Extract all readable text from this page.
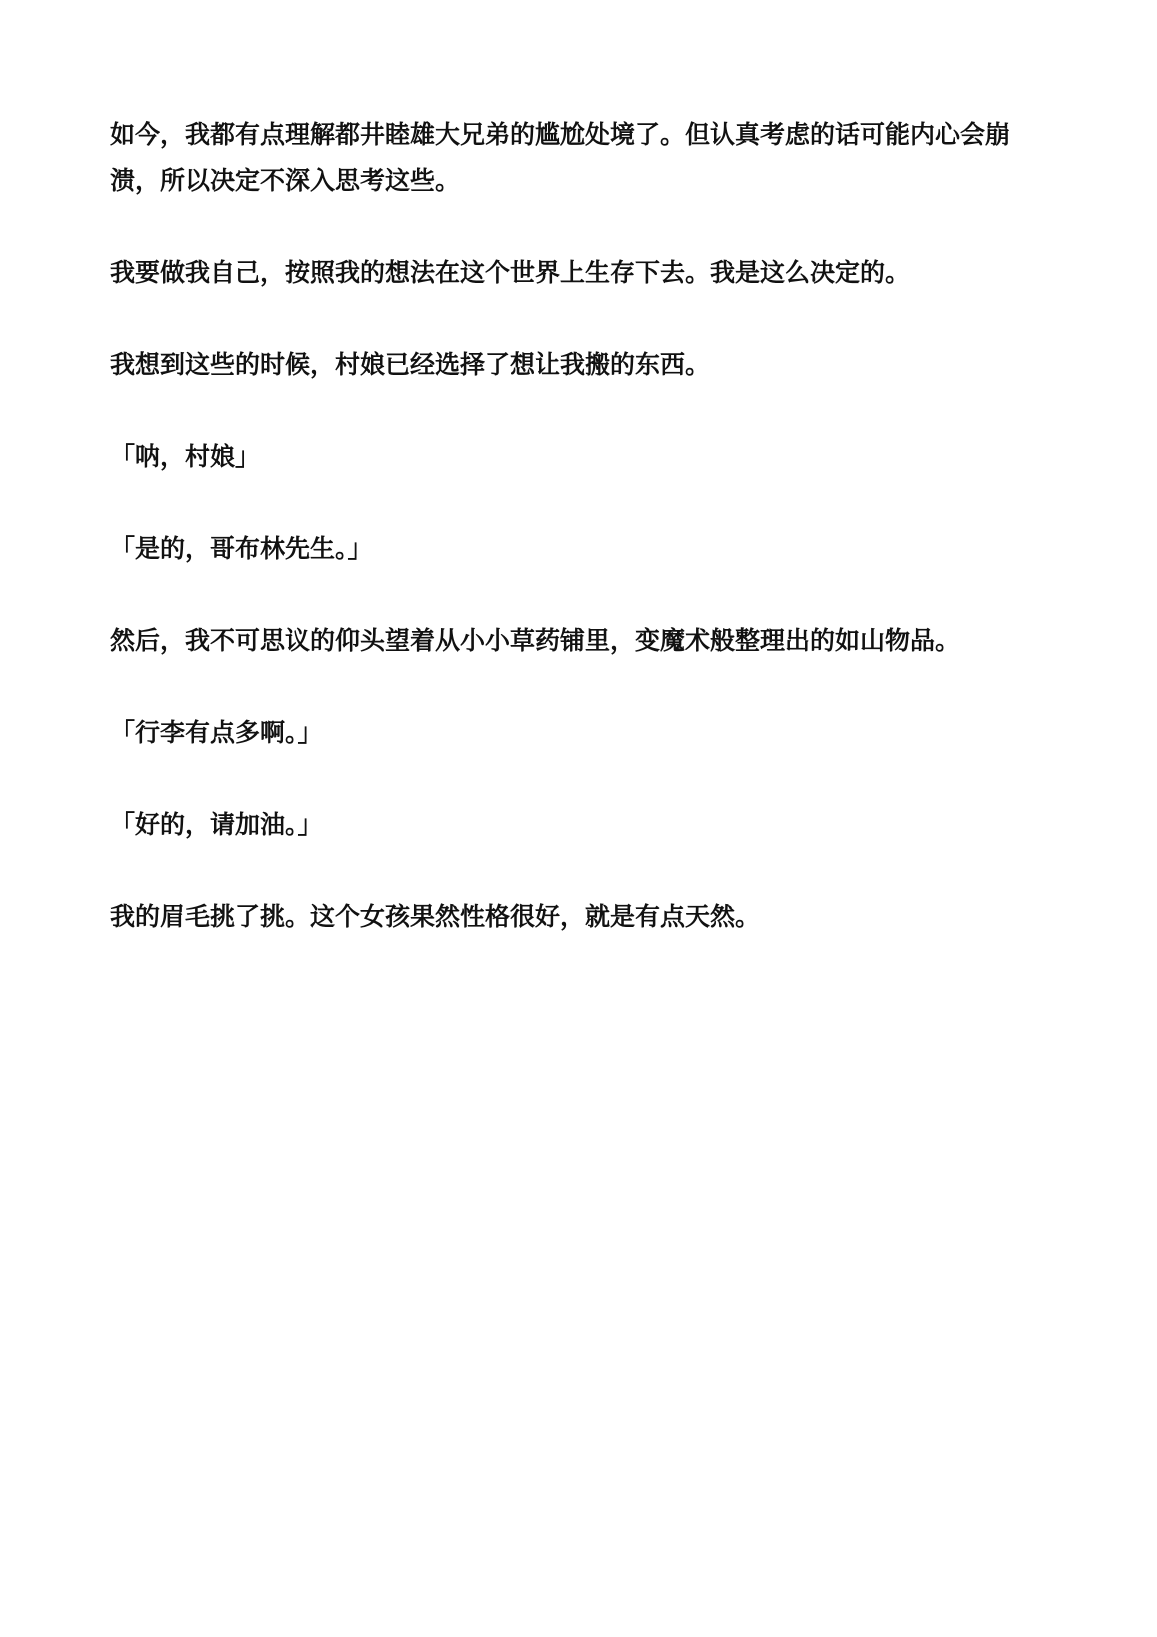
如今，我都有点理解都井睦雄大兄弟的尴尬处境了。但认真考虑的话可能内心会崩溃，所以决定不深入思考这些。

我要做我自己，按照我的想法在这个世界上生存下去。我是这么决定的。

我想到这些的时候，村娘已经选择了想让我搬的东西。

「呐，村娘」

「是的，哥布林先生。」

然后，我不可思议的仰头望着从小小草药铺里，变魔术般整理出的如山物品。

「行李有点多啊。」

「好的，请加油。」

我的眉毛挑了挑。这个女孩果然性格很好，就是有点天然。
